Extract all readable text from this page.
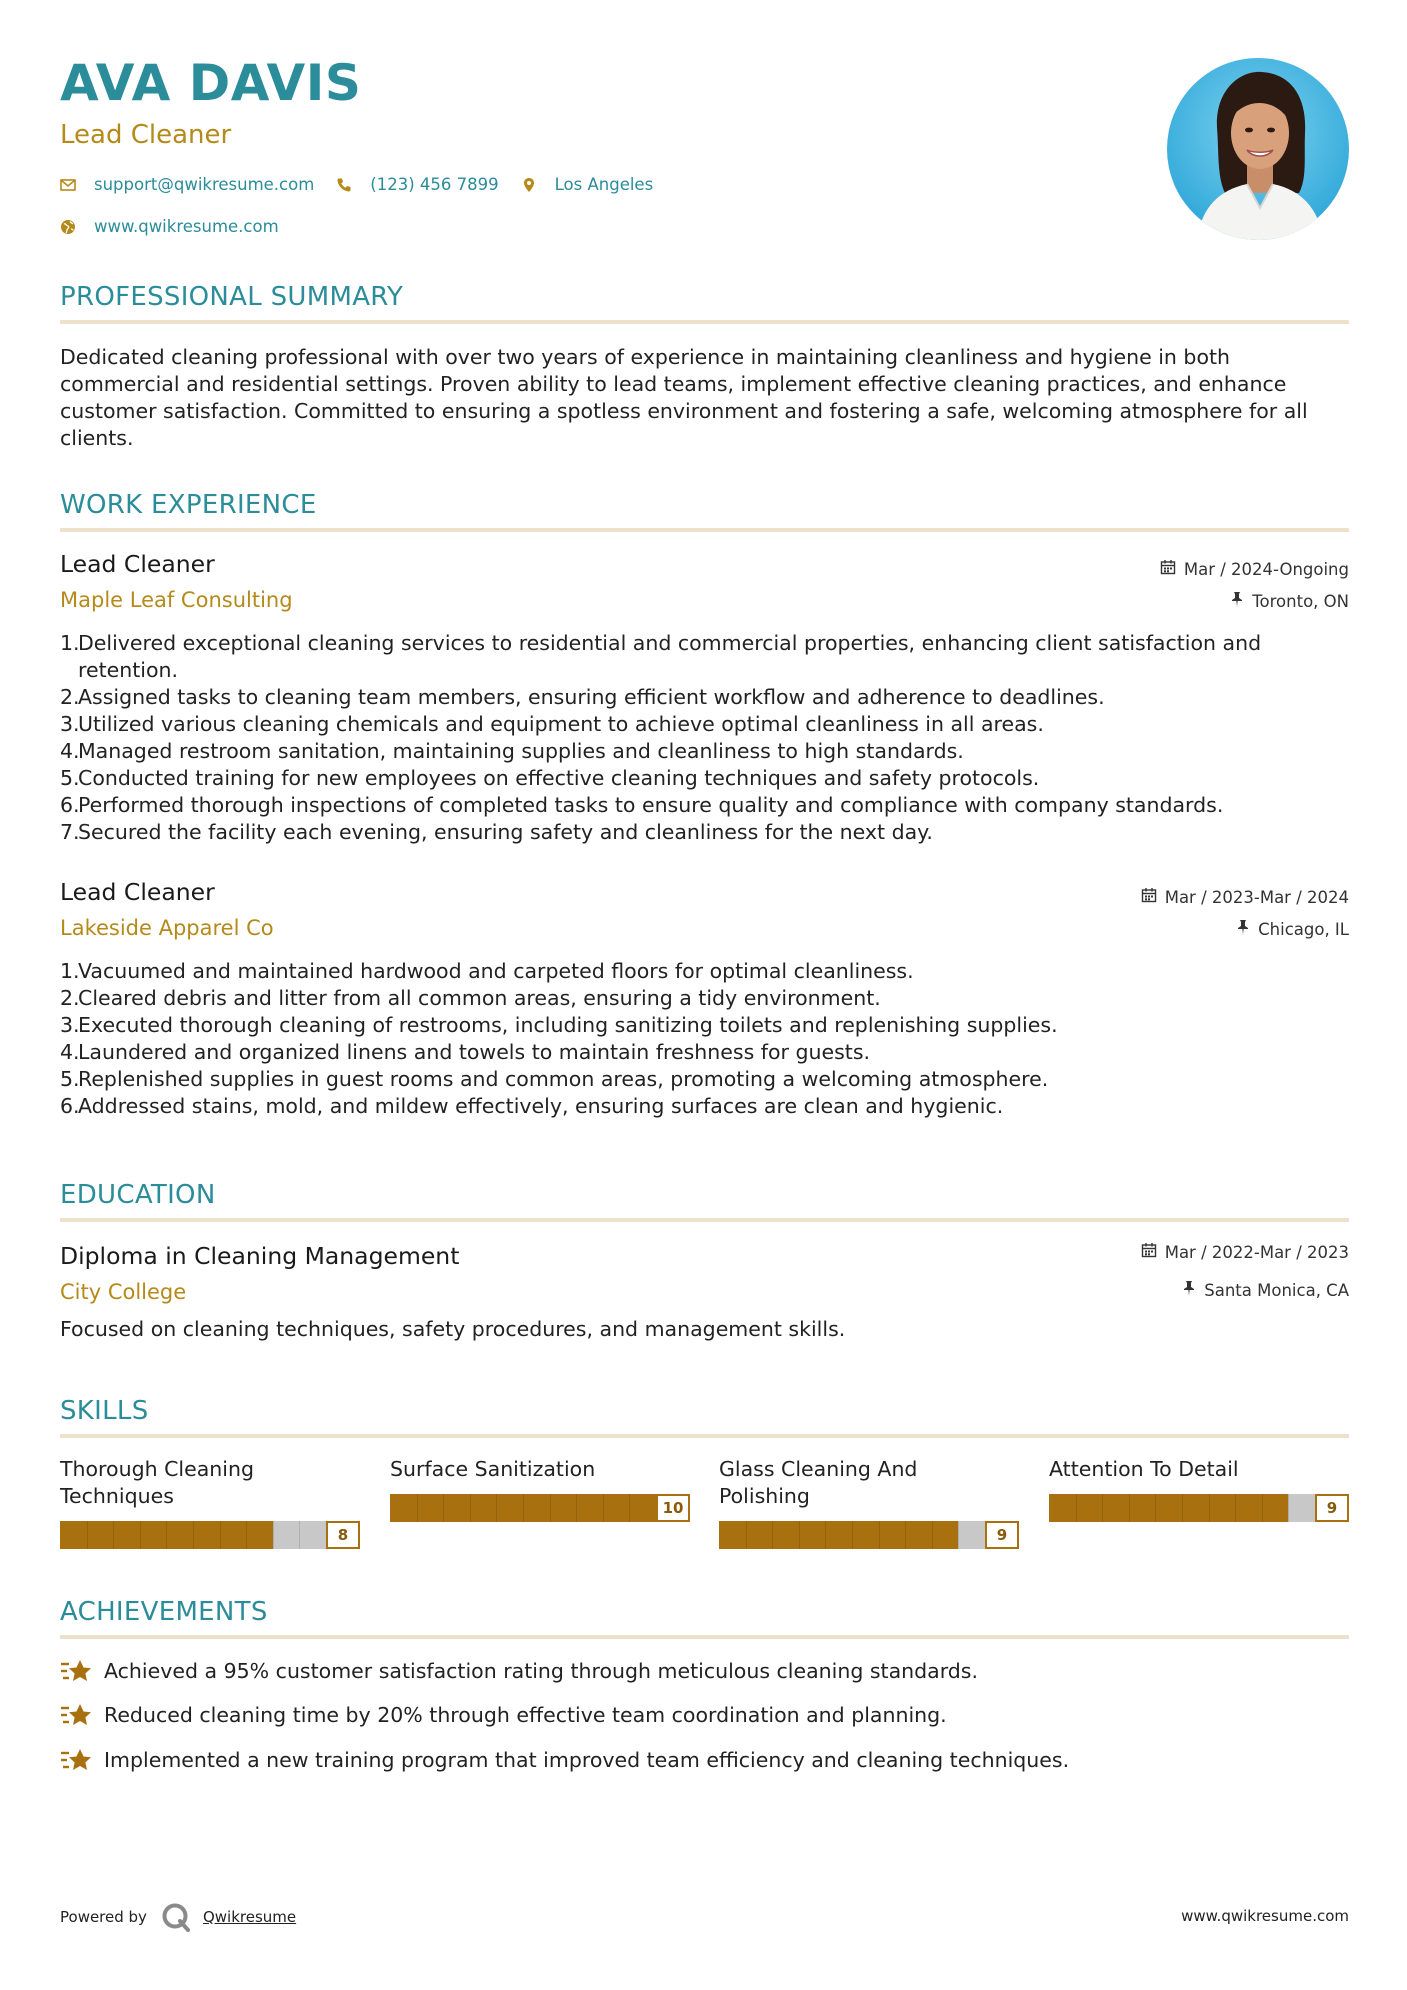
AVA DAVIS
Lead Cleaner
support@qwikresume.com	(123) 456 7899	Los Angeles
www.qwikresume.com
PROFESSIONAL SUMMARY
Dedicated cleaning professional with over two years of experience in maintaining cleanliness and hygiene in both commercial and residential settings. Proven ability to lead teams, implement effective cleaning practices, and enhance customer satisfaction. Committed to ensuring a spotless environment and fostering a safe, welcoming atmosphere for all clients.
WORK EXPERIENCE
Lead Cleaner
Maple Leaf Consulting
Mar / 2024-Ongoing
Toronto, ON
1.
Delivered exceptional cleaning services to residential and commercial properties, enhancing client satisfaction and retention.
2.
Assigned tasks to cleaning team members, ensuring efficient workflow and adherence to deadlines.
3.
Utilized various cleaning chemicals and equipment to achieve optimal cleanliness in all areas.
4.
Managed restroom sanitation, maintaining supplies and cleanliness to high standards.
5.
Conducted training for new employees on effective cleaning techniques and safety protocols.
6.
Performed thorough inspections of completed tasks to ensure quality and compliance with company standards.
7.
Secured the facility each evening, ensuring safety and cleanliness for the next day.
Lead Cleaner
Lakeside Apparel Co
Mar / 2023-Mar / 2024
Chicago, IL
1.
Vacuumed and maintained hardwood and carpeted floors for optimal cleanliness.
2.
Cleared debris and litter from all common areas, ensuring a tidy environment.
3.
Executed thorough cleaning of restrooms, including sanitizing toilets and replenishing supplies.
4.
Laundered and organized linens and towels to maintain freshness for guests.
5.
Replenished supplies in guest rooms and common areas, promoting a welcoming atmosphere.
6.
Addressed stains, mold, and mildew effectively, ensuring surfaces are clean and hygienic.
EDUCATION
Diploma in Cleaning Management
City College
Mar / 2022-Mar / 2023
Santa Monica, CA
Focused on cleaning techniques, safety procedures, and management skills.
SKILLS
Thorough Cleaning
Techniques
8
Surface Sanitization
10
Glass Cleaning And
Polishing
9
Attention To Detail
9
ACHIEVEMENTS
Achieved a 95% customer satisfaction rating through meticulous cleaning standards.
Reduced cleaning time by 20% through effective team coordination and planning.
Implemented a new training program that improved team efficiency and cleaning techniques.
Powered by	Qwikresume	www.qwikresume.com
